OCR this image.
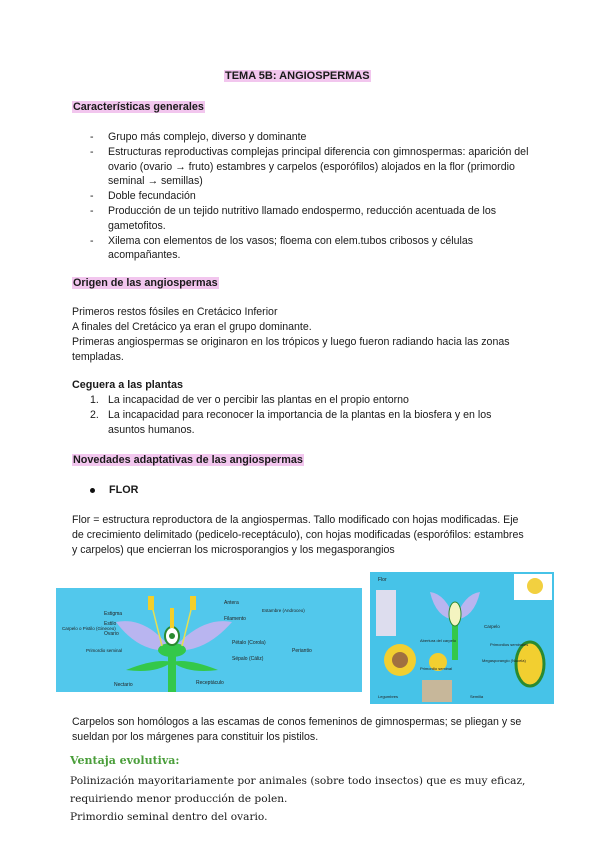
TEMA 5B: ANGIOSPERMAS
Características generales
- Grupo más complejo, diverso y dominante
- Estructuras reproductivas complejas principal diferencia con gimnospermas: aparición del ovario (ovario → fruto) estambres y carpelos (esporófilos) alojados en la flor (primordio seminal → semillas)
- Doble fecundación
- Producción de un tejido nutritivo llamado endospermo, reducción acentuada de los gametofitos.
- Xilema con elementos de los vasos; floema con elem.tubos cribosos y células acompañantes.
Origen de las angiospermas
Primeros restos fósiles en Cretácico Inferior
A finales del Cretácico ya eran el grupo dominante.
Primeras angiospermas se originaron en los trópicos y luego fueron radiando hacia las zonas templadas.
Ceguera a las plantas
1. La incapacidad de ver o percibir las plantas en el propio entorno
2. La incapacidad para reconocer la importancia de la plantas en la biosfera y en los asuntos humanos.
Novedades adaptativas de las angiospermas
FLOR
Flor = estructura reproductora de la angiospermas. Tallo modificado con hojas modificadas. Eje de crecimiento delimitado (pedicelo-receptáculo), con hojas modificadas (esporófilos: estambres y carpelos) que encierran los microsporangios y los megasporangios
Estigma
Estilo
Ovario
Carpelo o Pistilo (Gineceo)
Primordio seminal
Antera
Filamento
Estambre (Androceo)
Pétalo (Corola)
Periantio
Sépalo (Cáliz)
Nectario	Receptáculo
Flor
Carpelo
Primordios seminales
Megasporangio (Nucela)
Abertura del carpelo
Primordio seminal
Legumbres	Semilla
Carpelos son homólogos a las escamas de conos femeninos de gimnospermas; se pliegan y se sueldan por los márgenes para constituir los pistilos.
Ventaja evolutiva:
Polinización mayoritariamente por animales (sobre todo insectos) que es muy eficaz,
requiriendo menor producción de polen.
Primordio seminal dentro del ovario.
